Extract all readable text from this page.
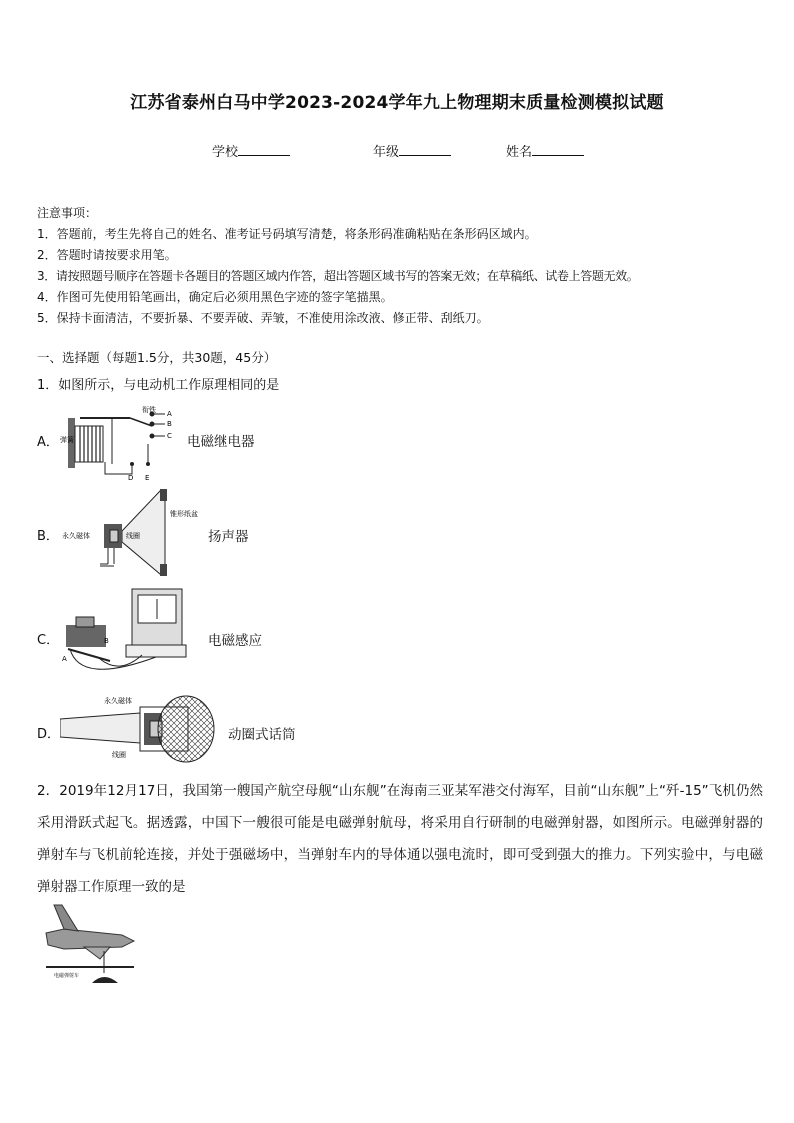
江苏省泰州白马中学2023-2024学年九上物理期末质量检测模拟试题
学校	年级	姓名
注意事项：
1．答题前，考生先将自己的姓名、准考证号码填写清楚，将条形码准确粘贴在条形码区域内。
2．答题时请按要求用笔。
3．请按照题号顺序在答题卡各题目的答题区域内作答，超出答题区域书写的答案无效；在草稿纸、试卷上答题无效。
4．作图可先使用铅笔画出，确定后必须用黑色字迹的签字笔描黑。
5．保持卡面清洁，不要折暴、不要弄破、弄皱，不准使用涂改液、修正带、刮纸刀。
一、选择题（每题1.5分，共30题，45分）
1．如图所示，与电动机工作原理相同的是
A．
衔铁 A
B
C
弹簧
D E
电磁继电器
B．
锥形纸盆
永久磁体	线圈	扬声器
C．
A
B	电磁感应
D．
永久磁体
线圈
动圈式话筒
2．2019年12月17日，我国第一艘国产航空母舰“山东舰”在海南三亚某军港交付海军，目前“山东舰”上“歼-15”飞机仍然采用滑跃式起飞。据透露，中国下一艘很可能是电磁弹射航母，将采用自行研制的电磁弹射器，如图所示。电磁弹射器的弹射车与飞机前轮连接，并处于强磁场中，当弹射车内的导体通以强电流时，即可受到强大的推力。下列实验中，与电磁弹射器工作原理一致的是
电磁弹射车
